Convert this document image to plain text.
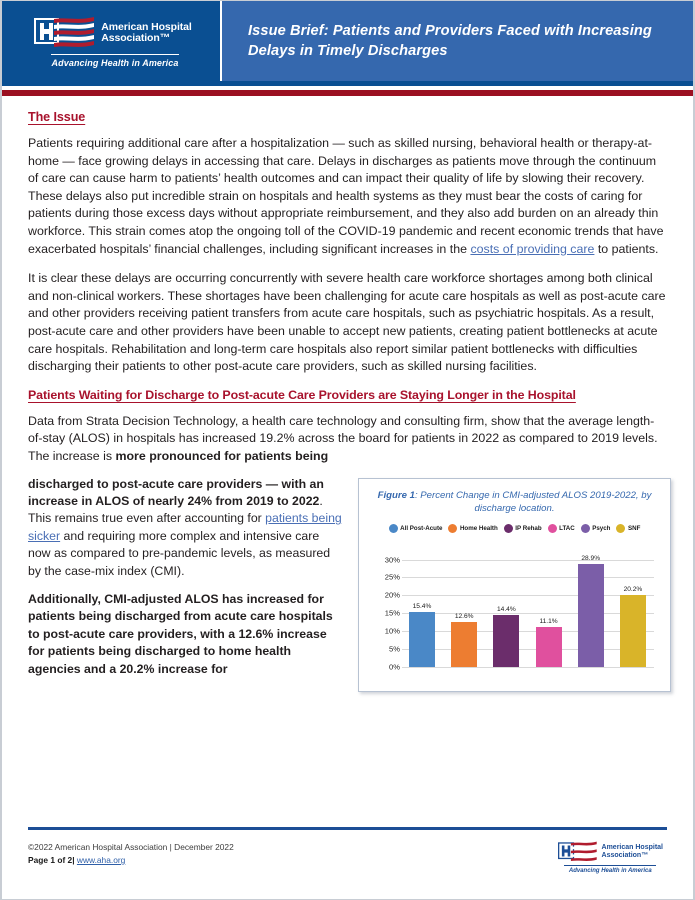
American Hospital
Association™
Advancing Health in America
Issue Brief: Patients and Providers Faced with Increasing Delays in Timely Discharges
The Issue

Patients requiring additional care after a hospitalization — such as skilled nursing, behavioral health or therapy-at-home — face growing delays in accessing that care. Delays in discharges as patients move through the continuum of care can cause harm to patients’ health outcomes and can impact their quality of life by slowing their recovery. These delays also put incredible strain on hospitals and health systems as they must bear the costs of caring for patients during those excess days without appropriate reimbursement, and they also add burden on an already thin workforce. This strain comes atop the ongoing toll of the COVID-19 pandemic and recent economic trends that have exacerbated hospitals’ financial challenges, including significant increases in the costs of providing care to patients.

It is clear these delays are occurring concurrently with severe health care workforce shortages among both clinical and non-clinical workers. These shortages have been challenging for acute care hospitals as well as post-acute care and other providers receiving patient transfers from acute care hospitals, such as psychiatric hospitals. As a result, post-acute care and other providers have been unable to accept new patients, creating patient bottlenecks at acute care hospitals. Rehabilitation and long-term care hospitals also report similar patient bottlenecks with difficulties discharging their patients to other post-acute care providers, such as skilled nursing facilities.

Patients Waiting for Discharge to Post-acute Care Providers are Staying Longer in the Hospital

Data from Strata Decision Technology, a health care technology and consulting firm, show that the average length-of-stay (ALOS) in hospitals has increased 19.2% across the board for patients in 2022 as compared to 2019 levels. The increase is more pronounced for patients being

discharged to post-acute care providers — with an increase in ALOS of nearly 24% from 2019 to 2022. This remains true even after accounting for patients being sicker and requiring more complex and intensive care now as compared to pre-pandemic levels, as measured by the case-mix index (CMI).

Additionally, CMI-adjusted ALOS has increased for patients being discharged from acute care hospitals to post-acute care providers, with a 12.6% increase for patients being discharged to home health agencies and a 20.2% increase for

Figure 1: Percent Change in CMI-adjusted ALOS 2019-2022, by discharge location.
All Post-Acute	Home Health	IP Rehab	LTAC	Psych	SNF
0%
5%
10%
15%
20%
25%
30%
15.4%
12.6%
14.4%
11.1%
28.9%
20.2%
©2022 American Hospital Association | December 2022
Page 1 of 2| www.aha.org
American Hospital
Association™
Advancing Health in America
